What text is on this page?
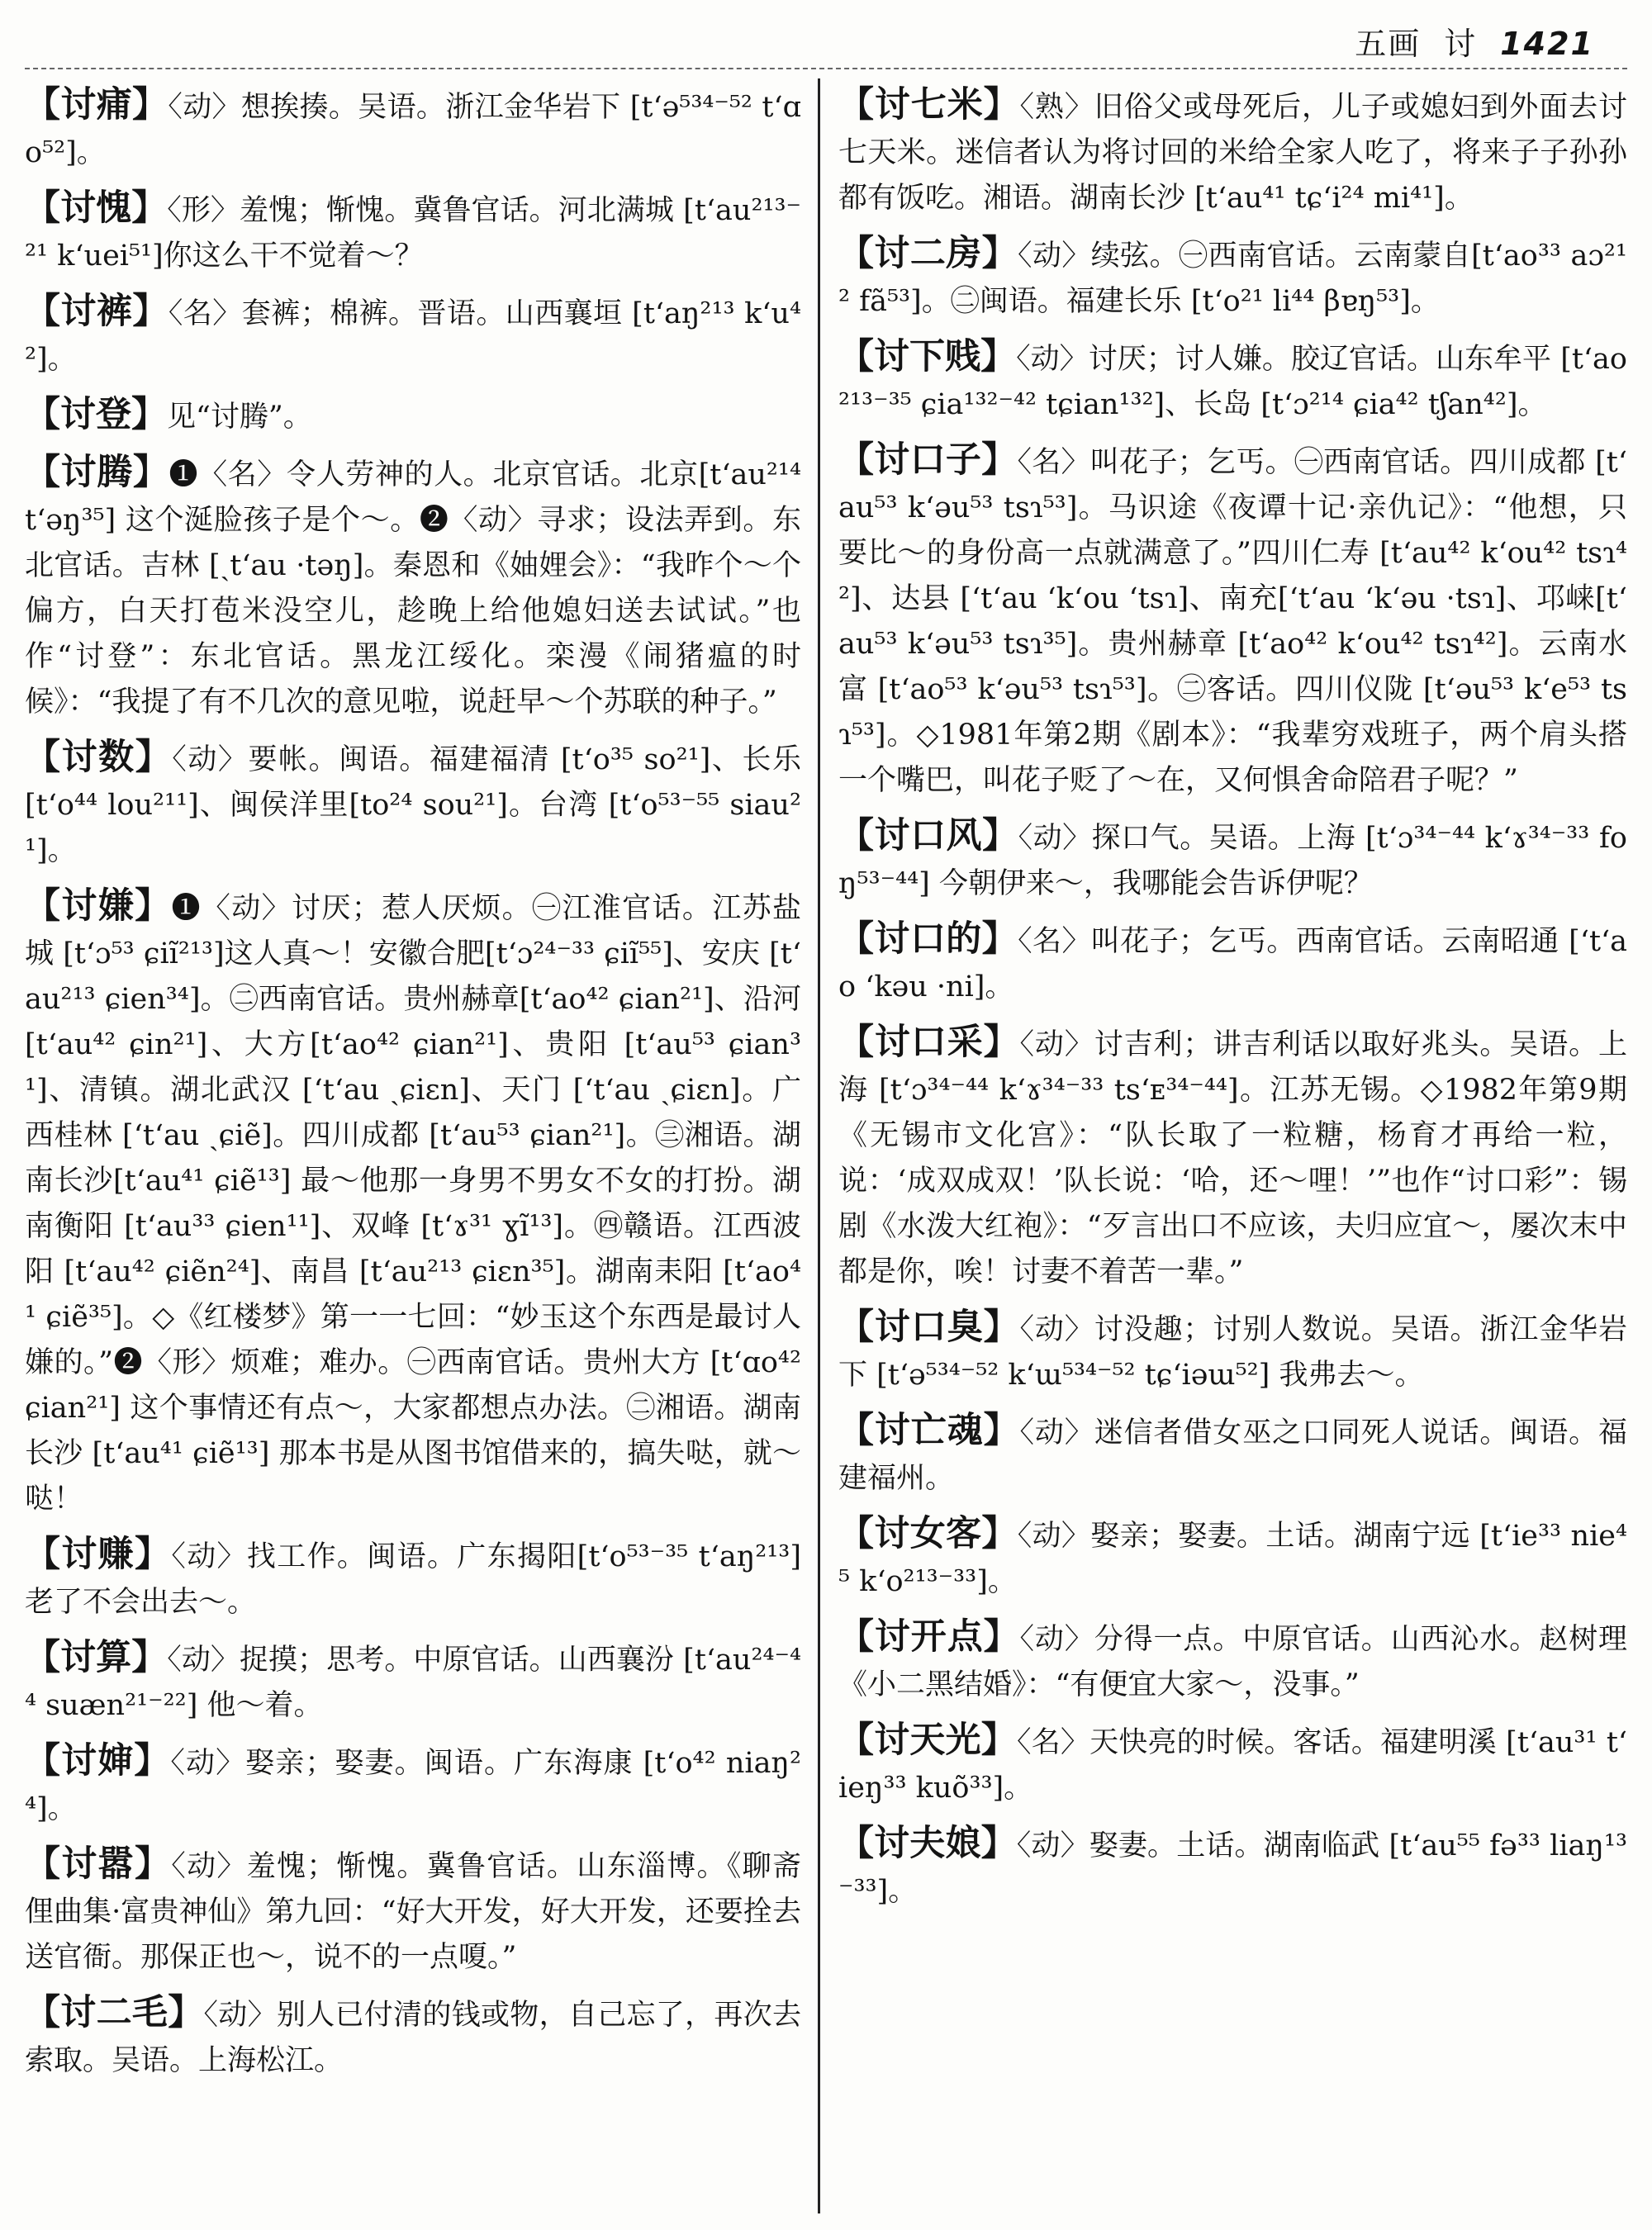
五画 讨 1421

【讨痡】〈动〉想挨揍。吴语。浙江金华岩下 [tʻə⁵³⁴⁻⁵² tʻɑo⁵²]。

【讨愧】〈形〉羞愧；惭愧。冀鲁官话。河北满城 [tʻau²¹³⁻²¹ kʻuei⁵¹]你这么干不觉着～？

【讨裤】〈名〉套裤；棉裤。晋语。山西襄垣 [tʻaŋ²¹³ kʻu⁴²]。

【讨登】见“讨腾”。

【讨腾】❶〈名〉令人劳神的人。北京官话。北京[tʻau²¹⁴ tʻəŋ³⁵] 这个涎脸孩子是个～。❷〈动〉寻求；设法弄到。东北官话。吉林 [ˏtʻau ·təŋ]。秦恩和《妯娌会》：“我昨个～个偏方，白天打苞米没空儿，趁晚上给他媳妇送去试试。”也作“讨登”：东北官话。黑龙江绥化。栾漫《闹猪瘟的时候》：“我提了有不几次的意见啦，说赶早～个苏联的种子。”

【讨数】〈动〉要帐。闽语。福建福清 [tʻo³⁵ so²¹]、长乐 [tʻo⁴⁴ lou²¹¹]、闽侯洋里[to²⁴ sou²¹]。台湾 [tʻo⁵³⁻⁵⁵ siau²¹]。

【讨嫌】❶〈动〉讨厌；惹人厌烦。㊀江淮官话。江苏盐城 [tʻɔ⁵³ ɕiĩ²¹³]这人真～！安徽合肥[tʻɔ²⁴⁻³³ ɕiĩ⁵⁵]、安庆 [tʻau²¹³ ɕien³⁴]。㊁西南官话。贵州赫章[tʻao⁴² ɕian²¹]、沿河 [tʻau⁴² ɕin²¹]、大方[tʻao⁴² ɕian²¹]、贵阳 [tʻau⁵³ ɕian³¹]、清镇。湖北武汉 [ʻtʻau ˏɕiɛn]、天门 [ʻtʻau ˏɕiɛn]。广西桂林 [ʻtʻau ˏɕiẽ]。四川成都 [tʻau⁵³ ɕian²¹]。㊂湘语。湖南长沙[tʻau⁴¹ ɕiẽ¹³] 最～他那一身男不男女不女的打扮。湖南衡阳 [tʻau³³ ɕien¹¹]、双峰 [tʻɤ³¹ ɣĩ¹³]。㊃赣语。江西波阳 [tʻau⁴² ɕiẽn²⁴]、南昌 [tʻau²¹³ ɕiɛn³⁵]。湖南耒阳 [tʻao⁴¹ ɕiẽ³⁵]。◇《红楼梦》第一一七回：“妙玉这个东西是最讨人嫌的。”❷〈形〉烦难；难办。㊀西南官话。贵州大方 [tʻɑo⁴² ɕian²¹] 这个事情还有点～，大家都想点办法。㊁湘语。湖南长沙 [tʻau⁴¹ ɕiẽ¹³] 那本书是从图书馆借来的，搞失哒，就～哒！

【讨赚】〈动〉找工作。闽语。广东揭阳[tʻo⁵³⁻³⁵ tʻaŋ²¹³] 老了不会出去～。

【讨算】〈动〉捉摸；思考。中原官话。山西襄汾 [tʻau²⁴⁻⁴⁴ suæn²¹⁻²²] 他～着。

【讨婶】〈动〉娶亲；娶妻。闽语。广东海康 [tʻo⁴² niaŋ²⁴]。

【讨嚣】〈动〉羞愧；惭愧。冀鲁官话。山东淄博。《聊斋俚曲集·富贵神仙》第九回：“好大开发，好大开发，还要拴去送官衙。那保正也～，说不的一点嗄。”

【讨二毛】〈动〉别人已付清的钱或物，自己忘了，再次去索取。吴语。上海松江。

【讨七米】〈熟〉旧俗父或母死后，儿子或媳妇到外面去讨七天米。迷信者认为将讨回的米给全家人吃了，将来子子孙孙都有饭吃。湘语。湖南长沙 [tʻau⁴¹ tɕʻi²⁴ mi⁴¹]。

【讨二房】〈动〉续弦。㊀西南官话。云南蒙自[tʻao³³ aɔ²¹² fã⁵³]。㊁闽语。福建长乐 [tʻo²¹ li⁴⁴ βɐŋ⁵³]。

【讨下贱】〈动〉讨厌；讨人嫌。胶辽官话。山东牟平 [tʻao²¹³⁻³⁵ ɕia¹³²⁻⁴² tɕian¹³²]、长岛 [tʻɔ²¹⁴ ɕia⁴² tʃan⁴²]。

【讨口子】〈名〉叫花子；乞丐。㊀西南官话。四川成都 [tʻau⁵³ kʻəu⁵³ tsɿ⁵³]。马识途《夜谭十记·亲仇记》：“他想，只要比～的身份高一点就满意了。”四川仁寿 [tʻau⁴² kʻou⁴² tsɿ⁴²]、达县 [ʻtʻau ʻkʻou ʻtsɿ]、南充[ʻtʻau ʻkʻəu ·tsɿ]、邛崃[tʻau⁵³ kʻəu⁵³ tsɿ³⁵]。贵州赫章 [tʻao⁴² kʻou⁴² tsɿ⁴²]。云南水富 [tʻao⁵³ kʻəu⁵³ tsɿ⁵³]。㊁客话。四川仪陇 [tʻəu⁵³ kʻe⁵³ tsɿ⁵³]。◇1981年第2期《剧本》：“我辈穷戏班子，两个肩头搭一个嘴巴，叫花子贬了～在，又何惧舍命陪君子呢？”

【讨口风】〈动〉探口气。吴语。上海 [tʻɔ³⁴⁻⁴⁴ kʻɤ³⁴⁻³³ foŋ⁵³⁻⁴⁴] 今朝伊来～，我哪能会告诉伊呢？

【讨口的】〈名〉叫花子；乞丐。西南官话。云南昭通 [ʻtʻao ʻkəu ·ni]。

【讨口采】〈动〉讨吉利；讲吉利话以取好兆头。吴语。上海 [tʻɔ³⁴⁻⁴⁴ kʻɤ³⁴⁻³³ tsʻᴇ³⁴⁻⁴⁴]。江苏无锡。◇1982年第9期《无锡市文化宫》：“队长取了一粒糖，杨育才再给一粒，说：‘成双成双！’队长说：‘哈，还～哩！’”也作“讨口彩”：锡剧《水泼大红袍》：“歹言出口不应该，夫归应宜～，屡次末中都是你，唉！讨妻不着苦一辈。”

【讨口臭】〈动〉讨没趣；讨别人数说。吴语。浙江金华岩下 [tʻə⁵³⁴⁻⁵² kʻɯ⁵³⁴⁻⁵² tɕʻiəɯ⁵²] 我弗去～。

【讨亡魂】〈动〉迷信者借女巫之口同死人说话。闽语。福建福州。

【讨女客】〈动〉娶亲；娶妻。土话。湖南宁远 [tʻie³³ nie⁴⁵ kʻo²¹³⁻³³]。

【讨开点】〈动〉分得一点。中原官话。山西沁水。赵树理《小二黑结婚》：“有便宜大家～，没事。”

【讨天光】〈名〉天快亮的时候。客话。福建明溪 [tʻau³¹ tʻieŋ³³ kuõ³³]。

【讨夫娘】〈动〉娶妻。土话。湖南临武 [tʻau⁵⁵ fə³³ liaŋ¹³⁻³³]。
